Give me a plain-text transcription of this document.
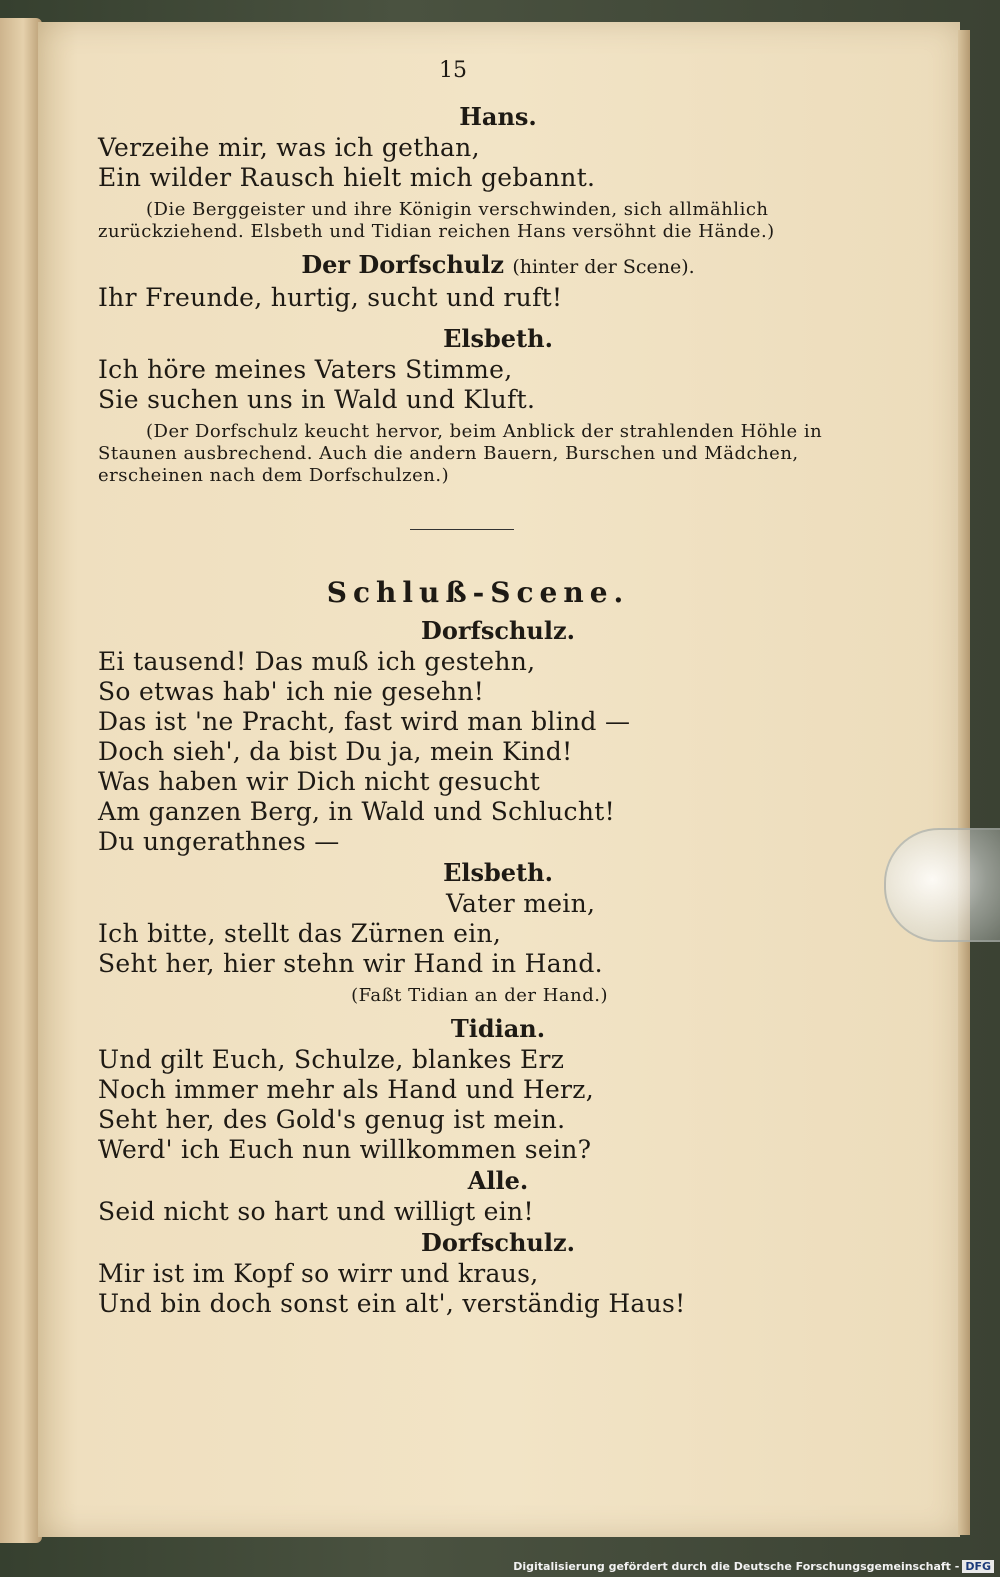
15
Hans.
Verzeihe mir, was ich gethan,
Ein wilder Rausch hielt mich gebannt.
(Die Berggeister und ihre Königin verschwinden, sich allmählich zurückziehend. Elsbeth und Tidian reichen Hans versöhnt die Hände.)
Der Dorfschulz (hinter der Scene).
Ihr Freunde, hurtig, sucht und ruft!
Elsbeth.
Ich höre meines Vaters Stimme,
Sie suchen uns in Wald und Kluft.
(Der Dorfschulz keucht hervor, beim Anblick der strahlenden Höhle in Staunen ausbrechend. Auch die andern Bauern, Burschen und Mädchen, erscheinen nach dem Dorfschulzen.)
Schluß-Scene.
Dorfschulz.
Ei tausend! Das muß ich gestehn,
So etwas hab' ich nie gesehn!
Das ist 'ne Pracht, fast wird man blind —
Doch sieh', da bist Du ja, mein Kind!
Was haben wir Dich nicht gesucht
Am ganzen Berg, in Wald und Schlucht!
Du ungerathnes —
Elsbeth.
Vater mein,
Ich bitte, stellt das Zürnen ein,
Seht her, hier stehn wir Hand in Hand.
(Faßt Tidian an der Hand.)
Tidian.
Und gilt Euch, Schulze, blankes Erz
Noch immer mehr als Hand und Herz,
Seht her, des Gold's genug ist mein.
Werd' ich Euch nun willkommen sein?
Alle.
Seid nicht so hart und willigt ein!
Dorfschulz.
Mir ist im Kopf so wirr und kraus,
Und bin doch sonst ein alt', verständig Haus!
Digitalisierung gefördert durch die Deutsche Forschungsgemeinschaft - DFG
